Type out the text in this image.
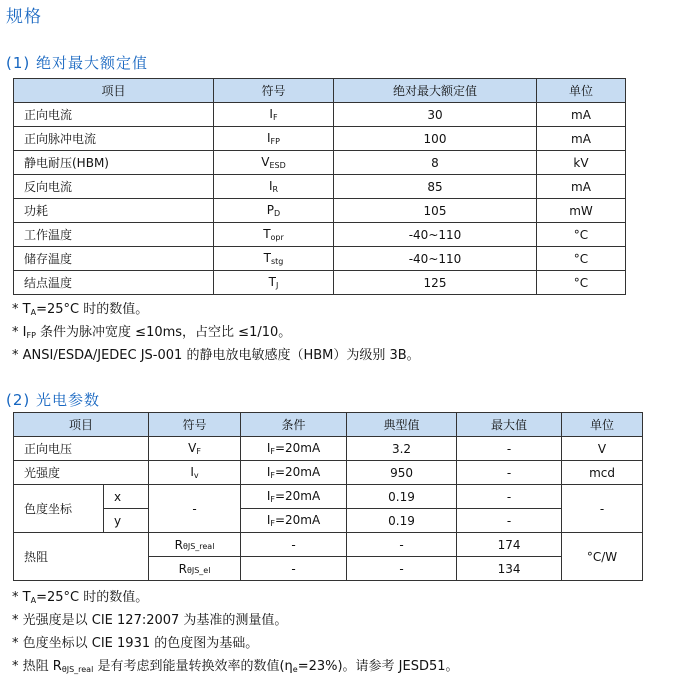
规格
(1) 绝对最大额定值
项目	符号	绝对最大额定值	单位
正向电流	$I_F$	30	mA
正向脉冲电流	$I_{FP}$	100	mA
静电耐压(HBM)	$V_{ESD}$	8	kV
反向电流	$I_R$	85	mA
功耗	$P_D$	105	mW
工作温度	$T_{opr}$	-40~110	°C
储存温度	$T_{stg}$	-40~110	°C
结点温度	$T_J$	125	°C
* $T_A=25^\circ C$ 时的数值。
* $I_{FP}$ 条件为脉冲宽度 ≤10ms，占空比 ≤1/10。
* ANSI/ESDA/JEDEC JS-001 的静电放电敏感度（HBM）为级别 3B。
(2) 光电参数
项目		符号	条件	典型值	最大值	单位
正向电压		$V_F$	$I_F=20mA$	3.2	-	V
光强度		$I_v$	$I_F=20mA$	950	-	mcd
色度坐标	x	-	$I_F=20mA$	0.19	-	-
	y		$I_F=20mA$	0.19	-	
热阻		RθJS_real	-	-	174	°C/W
		RθJS_el	-	-	134	
* $T_A=25^\circ C$ 时的数值。
* 光强度是以 CIE 127:2007 为基准的测量值。
* 色度坐标以 CIE 1931 的色度图为基础。
* 热阻 $R_{\theta JS\_real}$ 是有考虑到能量转换效率的数值$(\eta_e=23\%)$。请参考 JESD51。
